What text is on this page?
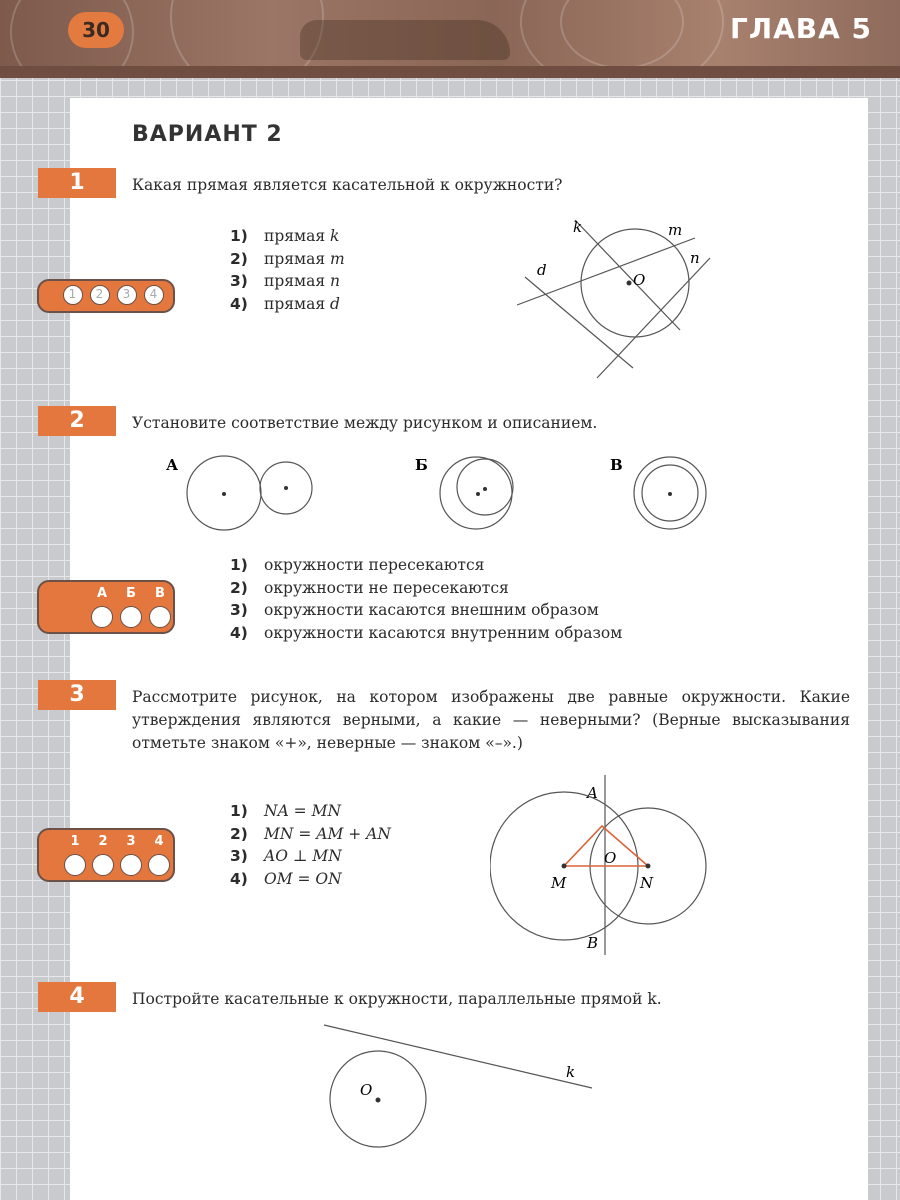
30	ГЛАВА 5
ВАРИАНТ 2
1	Какая прямая является касательной к окружности?
1) прямая k
2) прямая m
3) прямая n
4) прямая d
1	2	3	4
k	m
n
d
O
2	Установите соответствие между рисунком и описанием.
А	Б	В
1) окружности пересекаются
2) окружности не пересекаются
3) окружности касаются внешним образом
4) окружности касаются внутренним образом
А	Б	В
3	Рассмотрите рисунок, на котором изображены две равные окружности. Какие утверждения являются верными, а какие — неверными? (Верные высказывания отметьте знаком «+», неверные — знаком «–».)
1) NA = MN
2) MN = AM + AN
3) AO ⊥ MN
4) OM = ON
1	2	3	4
A
B
M	N
O
4	Постройте касательные к окружности, параллельные прямой k.
O
k
